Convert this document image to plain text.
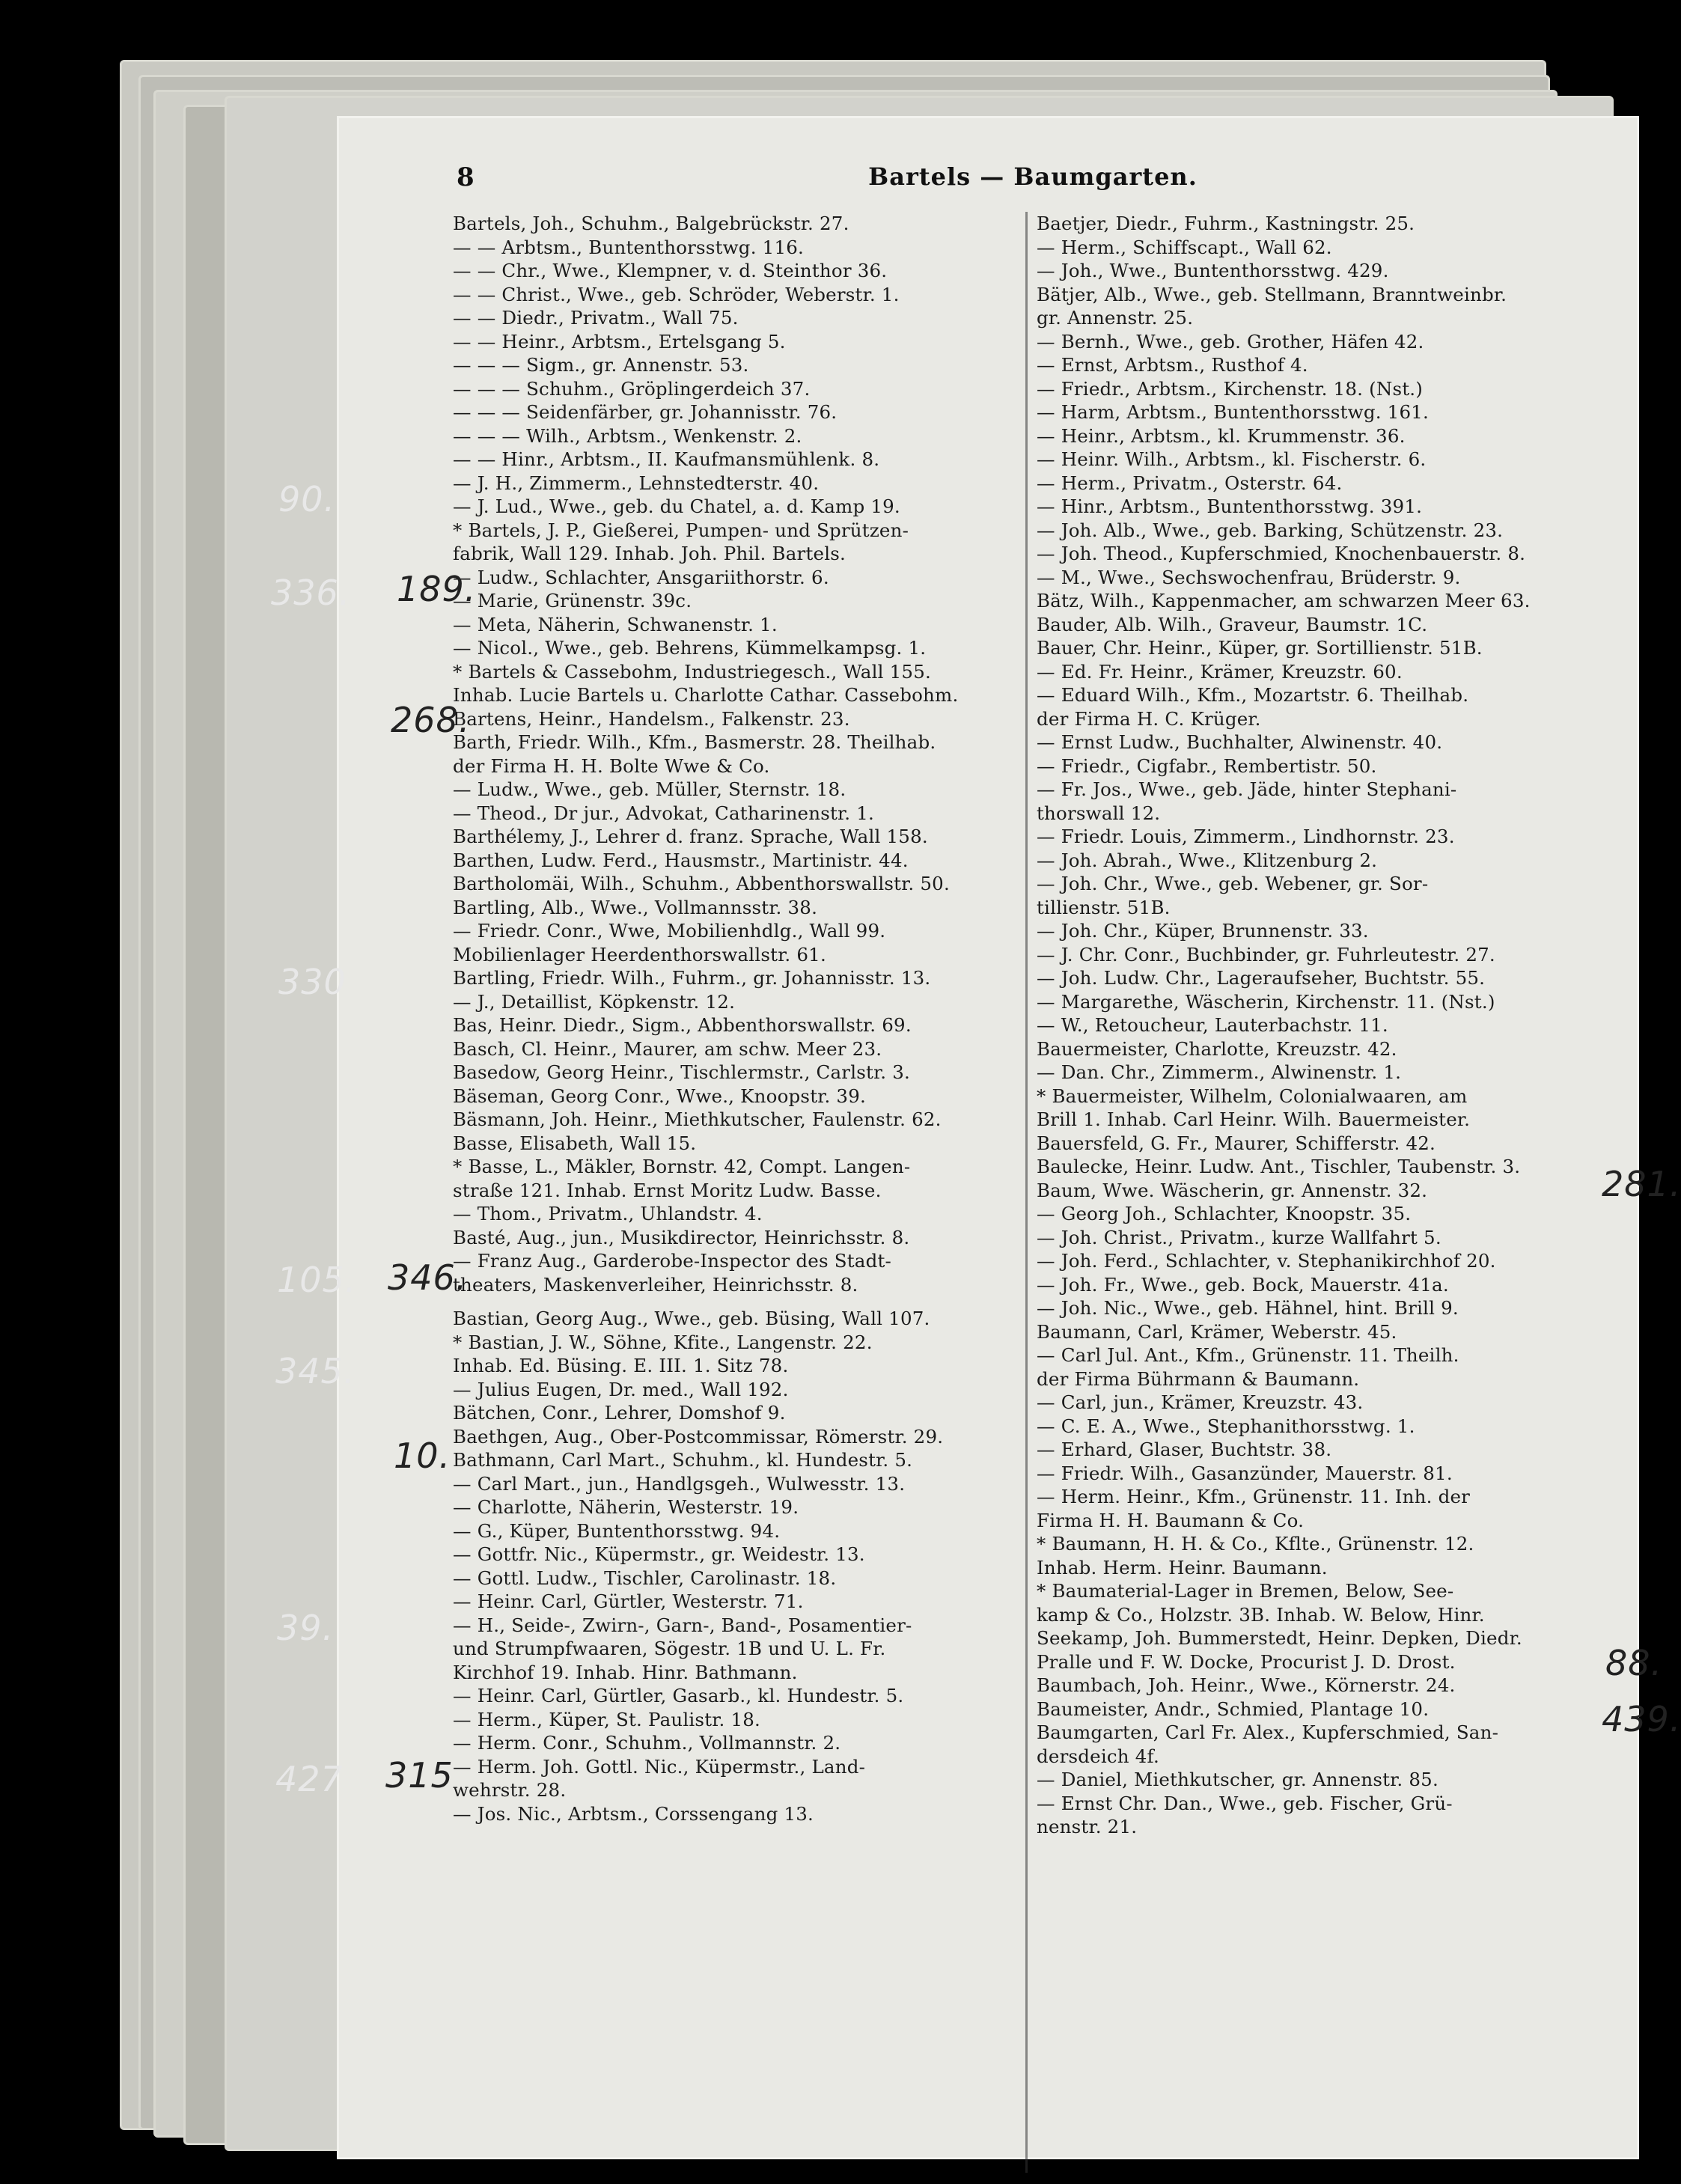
8	Bartels — Baumgarten.
Bartels, Joh., Schuhm., Balgebrückstr. 27.
— — Arbtsm., Buntenthorsstwg. 116.
— — Chr., Wwe., Klempner, v. d. Steinthor 36.
— — Christ., Wwe., geb. Schröder, Weberstr. 1.
— — Diedr., Privatm., Wall 75.
— — Heinr., Arbtsm., Ertelsgang 5.
— — — Sigm., gr. Annenstr. 53.
— — — Schuhm., Gröplingerdeich 37.
— — — Seidenfärber, gr. Johannisstr. 76.
— — — Wilh., Arbtsm., Wenkenstr. 2.
— — Hinr., Arbtsm., II. Kaufmansmühlenk. 8.
— J. H., Zimmerm., Lehnstedterstr. 40.
— J. Lud., Wwe., geb. du Chatel, a. d. Kamp 19.
* Bartels, J. P., Gießerei, Pumpen- und Sprützen-
fabrik, Wall 129. Inhab. Joh. Phil. Bartels.
— Ludw., Schlachter, Ansgariithorstr. 6.
— Marie, Grünenstr. 39c.
— Meta, Näherin, Schwanenstr. 1.
— Nicol., Wwe., geb. Behrens, Kümmelkampsg. 1.
* Bartels & Cassebohm, Industriegesch., Wall 155.
Inhab. Lucie Bartels u. Charlotte Cathar. Cassebohm.
Bartens, Heinr., Handelsm., Falkenstr. 23.
Barth, Friedr. Wilh., Kfm., Basmerstr. 28. Theilhab.
der Firma H. H. Bolte Wwe & Co.
— Ludw., Wwe., geb. Müller, Sternstr. 18.
— Theod., Dr jur., Advokat, Catharinenstr. 1.
Barthélemy, J., Lehrer d. franz. Sprache, Wall 158.
Barthen, Ludw. Ferd., Hausmstr., Martinistr. 44.
Bartholomäi, Wilh., Schuhm., Abbenthorswallstr. 50.
Bartling, Alb., Wwe., Vollmannsstr. 38.
— Friedr. Conr., Wwe, Mobilienhdlg., Wall 99.
Mobilienlager Heerdenthorswallstr. 61.
Bartling, Friedr. Wilh., Fuhrm., gr. Johannisstr. 13.
— J., Detaillist, Köpkenstr. 12.
Bas, Heinr. Diedr., Sigm., Abbenthorswallstr. 69.
Basch, Cl. Heinr., Maurer, am schw. Meer 23.
Basedow, Georg Heinr., Tischlermstr., Carlstr. 3.
Bäseman, Georg Conr., Wwe., Knoopstr. 39.
Bäsmann, Joh. Heinr., Miethkutscher, Faulenstr. 62.
Basse, Elisabeth, Wall 15.
* Basse, L., Mäkler, Bornstr. 42, Compt. Langen-
straße 121. Inhab. Ernst Moritz Ludw. Basse.
— Thom., Privatm., Uhlandstr. 4.
Basté, Aug., jun., Musikdirector, Heinrichsstr. 8.
— Franz Aug., Garderobe-Inspector des Stadt-
theaters, Maskenverleiher, Heinrichsstr. 8.
Bastian, Georg Aug., Wwe., geb. Büsing, Wall 107.
* Bastian, J. W., Söhne, Kfite., Langenstr. 22.
Inhab. Ed. Büsing. E. III. 1. Sitz 78.
— Julius Eugen, Dr. med., Wall 192.
Bätchen, Conr., Lehrer, Domshof 9.
Baethgen, Aug., Ober-Postcommissar, Römerstr. 29.
Bathmann, Carl Mart., Schuhm., kl. Hundestr. 5.
— Carl Mart., jun., Handlgsgeh., Wulwesstr. 13.
— Charlotte, Näherin, Westerstr. 19.
— G., Küper, Buntenthorsstwg. 94.
— Gottfr. Nic., Küpermstr., gr. Weidestr. 13.
— Gottl. Ludw., Tischler, Carolinastr. 18.
— Heinr. Carl, Gürtler, Westerstr. 71.
— H., Seide-, Zwirn-, Garn-, Band-, Posamentier-
und Strumpfwaaren, Sögestr. 1B und U. L. Fr.
Kirchhof 19. Inhab. Hinr. Bathmann.
— Heinr. Carl, Gürtler, Gasarb., kl. Hundestr. 5.
— Herm., Küper, St. Paulistr. 18.
— Herm. Conr., Schuhm., Vollmannstr. 2.
— Herm. Joh. Gottl. Nic., Küpermstr., Land-
wehrstr. 28.
— Jos. Nic., Arbtsm., Corssengang 13.
Baetjer, Diedr., Fuhrm., Kastningstr. 25.
— Herm., Schiffscapt., Wall 62.
— Joh., Wwe., Buntenthorsstwg. 429.
Bätjer, Alb., Wwe., geb. Stellmann, Branntweinbr.
gr. Annenstr. 25.
— Bernh., Wwe., geb. Grother, Häfen 42.
— Ernst, Arbtsm., Rusthof 4.
— Friedr., Arbtsm., Kirchenstr. 18. (Nst.)
— Harm, Arbtsm., Buntenthorsstwg. 161.
— Heinr., Arbtsm., kl. Krummenstr. 36.
— Heinr. Wilh., Arbtsm., kl. Fischerstr. 6.
— Herm., Privatm., Osterstr. 64.
— Hinr., Arbtsm., Buntenthorsstwg. 391.
— Joh. Alb., Wwe., geb. Barking, Schützenstr. 23.
— Joh. Theod., Kupferschmied, Knochenbauerstr. 8.
— M., Wwe., Sechswochenfrau, Brüderstr. 9.
Bätz, Wilh., Kappenmacher, am schwarzen Meer 63.
Bauder, Alb. Wilh., Graveur, Baumstr. 1C.
Bauer, Chr. Heinr., Küper, gr. Sortillienstr. 51B.
— Ed. Fr. Heinr., Krämer, Kreuzstr. 60.
— Eduard Wilh., Kfm., Mozartstr. 6. Theilhab.
der Firma H. C. Krüger.
— Ernst Ludw., Buchhalter, Alwinenstr. 40.
— Friedr., Cigfabr., Rembertistr. 50.
— Fr. Jos., Wwe., geb. Jäde, hinter Stephani-
thorswall 12.
— Friedr. Louis, Zimmerm., Lindhornstr. 23.
— Joh. Abrah., Wwe., Klitzenburg 2.
— Joh. Chr., Wwe., geb. Webener, gr. Sor-
tillienstr. 51B.
— Joh. Chr., Küper, Brunnenstr. 33.
— J. Chr. Conr., Buchbinder, gr. Fuhrleutestr. 27.
— Joh. Ludw. Chr., Lageraufseher, Buchtstr. 55.
— Margarethe, Wäscherin, Kirchenstr. 11. (Nst.)
— W., Retoucheur, Lauterbachstr. 11.
Bauermeister, Charlotte, Kreuzstr. 42.
— Dan. Chr., Zimmerm., Alwinenstr. 1.
* Bauermeister, Wilhelm, Colonialwaaren, am
Brill 1. Inhab. Carl Heinr. Wilh. Bauermeister.
Bauersfeld, G. Fr., Maurer, Schifferstr. 42.
Baulecke, Heinr. Ludw. Ant., Tischler, Taubenstr. 3.
Baum, Wwe. Wäscherin, gr. Annenstr. 32.
— Georg Joh., Schlachter, Knoopstr. 35.
— Joh. Christ., Privatm., kurze Wallfahrt 5.
— Joh. Ferd., Schlachter, v. Stephanikirchhof 20.
— Joh. Fr., Wwe., geb. Bock, Mauerstr. 41a.
— Joh. Nic., Wwe., geb. Hähnel, hint. Brill 9.
Baumann, Carl, Krämer, Weberstr. 45.
— Carl Jul. Ant., Kfm., Grünenstr. 11. Theilh.
der Firma Bührmann & Baumann.
— Carl, jun., Krämer, Kreuzstr. 43.
— C. E. A., Wwe., Stephanithorsstwg. 1.
— Erhard, Glaser, Buchtstr. 38.
— Friedr. Wilh., Gasanzünder, Mauerstr. 81.
— Herm. Heinr., Kfm., Grünenstr. 11. Inh. der
Firma H. H. Baumann & Co.
* Baumann, H. H. & Co., Kflte., Grünenstr. 12.
Inhab. Herm. Heinr. Baumann.
* Baumaterial-Lager in Bremen, Below, See-
kamp & Co., Holzstr. 3B. Inhab. W. Below, Hinr.
Seekamp, Joh. Bummerstedt, Heinr. Depken, Diedr.
Pralle und F. W. Docke, Procurist J. D. Drost.
Baumbach, Joh. Heinr., Wwe., Körnerstr. 24.
Baumeister, Andr., Schmied, Plantage 10.
Baumgarten, Carl Fr. Alex., Kupferschmied, San-
dersdeich 4f.
— Daniel, Miethkutscher, gr. Annenstr. 85.
— Ernst Chr. Dan., Wwe., geb. Fischer, Grü-
nenstr. 21.
90.
336. 189.
268.
330
105. 346.
345.
10.
39.
427 315
281.
88.
439.
